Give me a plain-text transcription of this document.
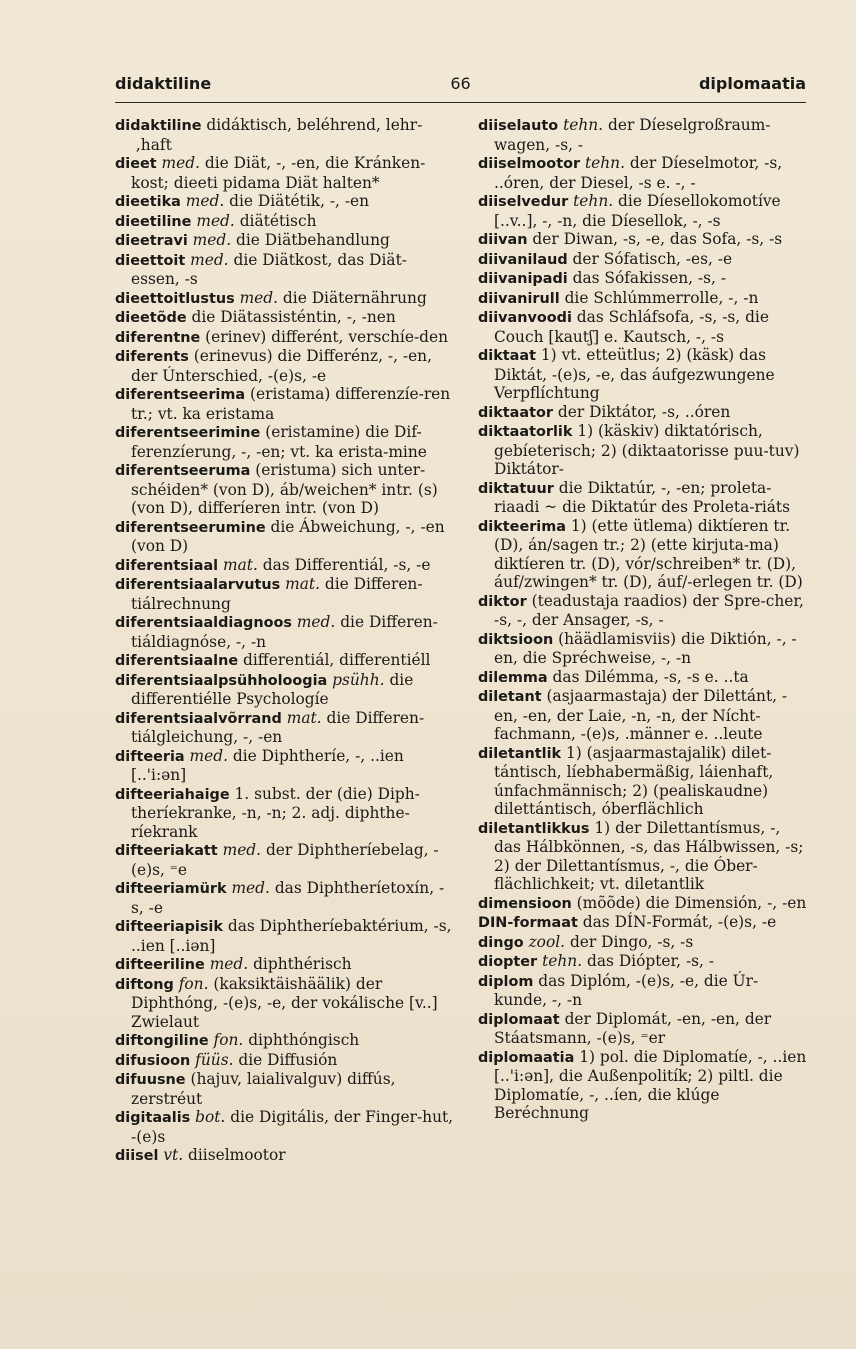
didaktiline	66	diplomaatia
didaktiline didáktisch, beléhrend, lehr- ,haft
dieet med. die Diät, -, -en, die Kránken-kost; dieeti pidama Diät halten*
dieetika med. die Diätétik, -, -en
dieetiline med. diätétisch
dieetravi med. die Diätbehandlung
dieettoit med. die Diätkost, das Diät-essen, -s
dieettoitlustus med. die Diäternährung
dieetõde die Diätassisténtin, -, -nen
diferentne (erinev) differént, verschíe-den
diferents (erinevus) die Differénz, -, -en, der Únterschied, -(e)s, -e
diferentseerima (eristama) differenzíe-ren tr.; vt. ka eristama
diferentseerimine (eristamine) die Dif-ferenzíerung, -, -en; vt. ka erista-mine
diferentseeruma (eristuma) sich unter-schéiden* (von D), áb/weichen* intr. (s) (von D), differíeren intr. (von D)
diferentseerumine die Ábweichung, -, -en (von D)
diferentsiaal mat. das Differentiál, -s, -e
diferentsiaalarvutus mat. die Differen-tiálrechnung
diferentsiaaldiagnoos med. die Differen-tiáldiagnóse, -, -n
diferentsiaalne differentiál, differentiéll
diferentsiaalpsühholoogia psühh. die differentiélle Psychologíe
diferentsiaalvõrrand mat. die Differen-tiálgleichung, -, -en
difteeria med. die Diphtheríe, -, ..ien [..'i:ən]
difteeriahaige 1. subst. der (die) Diph-theríekranke, -n, -n; 2. adj. diphthe-ríekrank
difteeriakatt med. der Diphtheríebelag, -(e)s, ⁼e
difteeriamürk med. das Diphtheríetoxín, -s, -e
difteeriapisik das Diphtheríebaktérium, -s, ..ien [..iən]
difteeriline med. diphthérisch
diftong fon. (kaksiktäishäälik) der Diphthóng, -(e)s, -e, der vokálische [v..] Zwielaut
diftongiline fon. diphthóngisch
difusioon füüs. die Diffusión
difuusne (hajuv, laialivalguv) diffús, zerstréut
digitaalis bot. die Digitális, der Finger-hut, -(e)s
diisel vt. diiselmootor
diiselauto tehn. der Díeselgroßraum-wagen, -s, -
diiselmootor tehn. der Díeselmotor, -s, ..óren, der Diesel, -s e. -, -
diiselvedur tehn. die Díesellokomotíve [..v..], -, -n, die Díesellok, -, -s
diivan der Diwan, -s, -e, das Sofa, -s, -s
diivanilaud der Sófatisch, -es, -e
diivanipadi das Sófakissen, -s, -
diivanirull die Schlúmmerrolle, -, -n
diivanvoodi das Schláfsofa, -s, -s, die Couch [kautʃ] e. Kautsch, -, -s
diktaat 1) vt. etteütlus; 2) (käsk) das Diktát, -(e)s, -e, das áufgezwungene Verpflíchtung
diktaator der Diktátor, -s, ..óren
diktaatorlik 1) (käskiv) diktatórisch, gebíeterisch; 2) (diktaatorisse puu-tuv) Diktátor-
diktatuur die Diktatúr, -, -en; proleta-riaadi ~ die Diktatúr des Proleta-riáts
dikteerima 1) (ette ütlema) diktíeren tr. (D), án/sagen tr.; 2) (ette kirjuta-ma) diktíeren tr. (D), vór/schreiben* tr. (D), áuf/zwingen* tr. (D), áuf/-erlegen tr. (D)
diktor (teadustaja raadios) der Spre-cher, -s, -, der Ansager, -s, -
diktsioon (häädlamisviis) die Diktión, -, -en, die Spréchweise, -, -n
dilemma das Dilémma, -s, -s e. ..ta
diletant (asjaarmastaja) der Dilettánt, -en, -en, der Laie, -n, -n, der Nícht-fachmann, -(e)s, .männer e. ..leute
diletantlik 1) (asjaarmastajalik) dilet-tántisch, líebhabermäßig, láienhaft, únfachmännisch; 2) (pealiskaudne) dilettántisch, óberflächlich
diletantlikkus 1) der Dilettantísmus, -, das Hálbkönnen, -s, das Hálbwissen, -s; 2) der Dilettantísmus, -, die Óber-flächlichkeit; vt. diletantlik
dimensioon (mõõde) die Dimensión, -, -en
DIN-formaat das DÍN-Formát, -(e)s, -e
dingo zool. der Dingo, -s, -s
diopter tehn. das Diópter, -s, -
diplom das Diplóm, -(e)s, -e, die Úr-kunde, -, -n
diplomaat der Diplomát, -en, -en, der Stáatsmann, -(e)s, ⁼er
diplomaatia 1) pol. die Diplomatíe, -, ..ien [..'i:ən], die Außenpolitík; 2) piltl. die Diplomatíe, -, ..íen, die klúge Beréchnung
